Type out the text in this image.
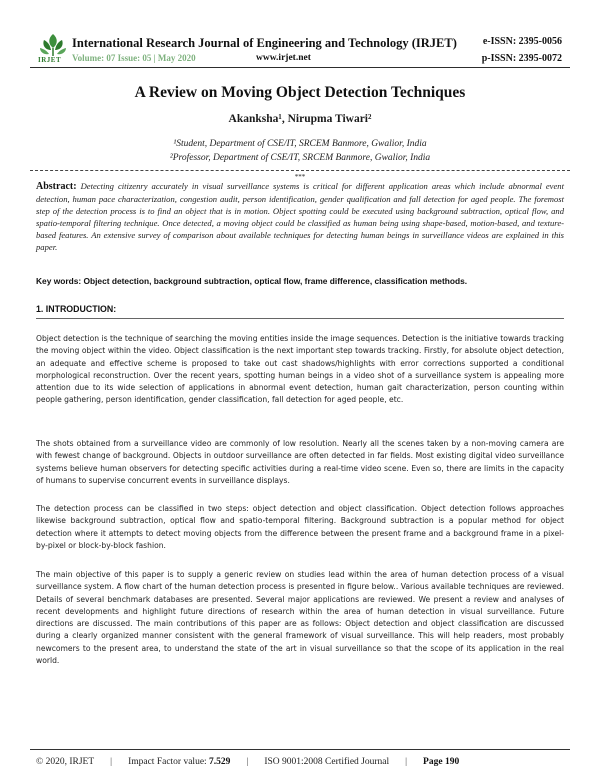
IRJET
International Research Journal of Engineering and Technology (IRJET)
Volume: 07 Issue: 05 | May 2020	www.irjet.net
e-ISSN: 2395-0056
p-ISSN: 2395-0072
A Review on Moving Object Detection Techniques
Akanksha¹, Nirupma Tiwari²
¹Student, Department of CSE/IT, SRCEM Banmore, Gwalior, India
²Professor, Department of CSE/IT, SRCEM Banmore, Gwalior, India
***
Abstract: Detecting citizenry accurately in visual surveillance systems is critical for different application areas which include abnormal event detection, human pace characterization, congestion audit, person identification, gender qualification and fall detection for aged people. The foremost step of the detection process is to find an object that is in motion. Object spotting could be executed using background subtraction, optical flow, and spatio-temporal filtering technique. Once detected, a moving object could be classified as human being using shape-based, motion-based, and texture-based features. An extensive survey of comparison about available techniques for detecting human beings in surveillance videos are explained in this paper.
Key words: Object detection, background subtraction, optical flow, frame difference, classification methods.
1. INTRODUCTION:
Object detection is the technique of searching the moving entities inside the image sequences. Detection is the initiative towards tracking the moving object within the video. Object classification is the next important step towards tracking. Firstly, for absolute object detection, an adequate and effective scheme is proposed to take out cast shadows/highlights with error corrections supported a conditional morphological reconstruction. Over the recent years, spotting human beings in a video shot of a surveillance system is appealing more attention due to its wide selection of applications in abnormal event detection, human gait characterization, person counting within people gathering, person identification, gender classification, fall detection for aged people, etc.
The shots obtained from a surveillance video are commonly of low resolution. Nearly all the scenes taken by a non-moving camera are with fewest change of background. Objects in outdoor surveillance are often detected in far fields. Most existing digital video surveillance systems believe human observers for detecting specific activities during a real-time video scene. Even so, there are limits in the capacity of humans to supervise concurrent events in surveillance displays.
The detection process can be classified in two steps: object detection and object classification. Object detection follows approaches likewise background subtraction, optical flow and spatio-temporal filtering. Background subtraction is a popular method for object detection where it attempts to detect moving objects from the difference between the present frame and a background frame in a pixel-by-pixel or block-by-block fashion.
The main objective of this paper is to supply a generic review on studies lead within the area of human detection process of a visual surveillance system. A flow chart of the human detection process is presented in figure below.. Various available techniques are reviewed. Details of several benchmark databases are presented. Several major applications are reviewed. We present a review and analyses of recent developments and highlight future directions of research within the area of human detection in visual surveillance. Future directions are discussed. The main contributions of this paper are as follows: Object detection and object classification are discussed during a clearly organized manner consistent with the general framework of visual surveillance. This will help readers, most probably newcomers to the present area, to understand the state of the art in visual surveillance so that the scope of its application in the real world.
© 2020, IRJET | Impact Factor value: 7.529 | ISO 9001:2008 Certified Journal | Page 190
